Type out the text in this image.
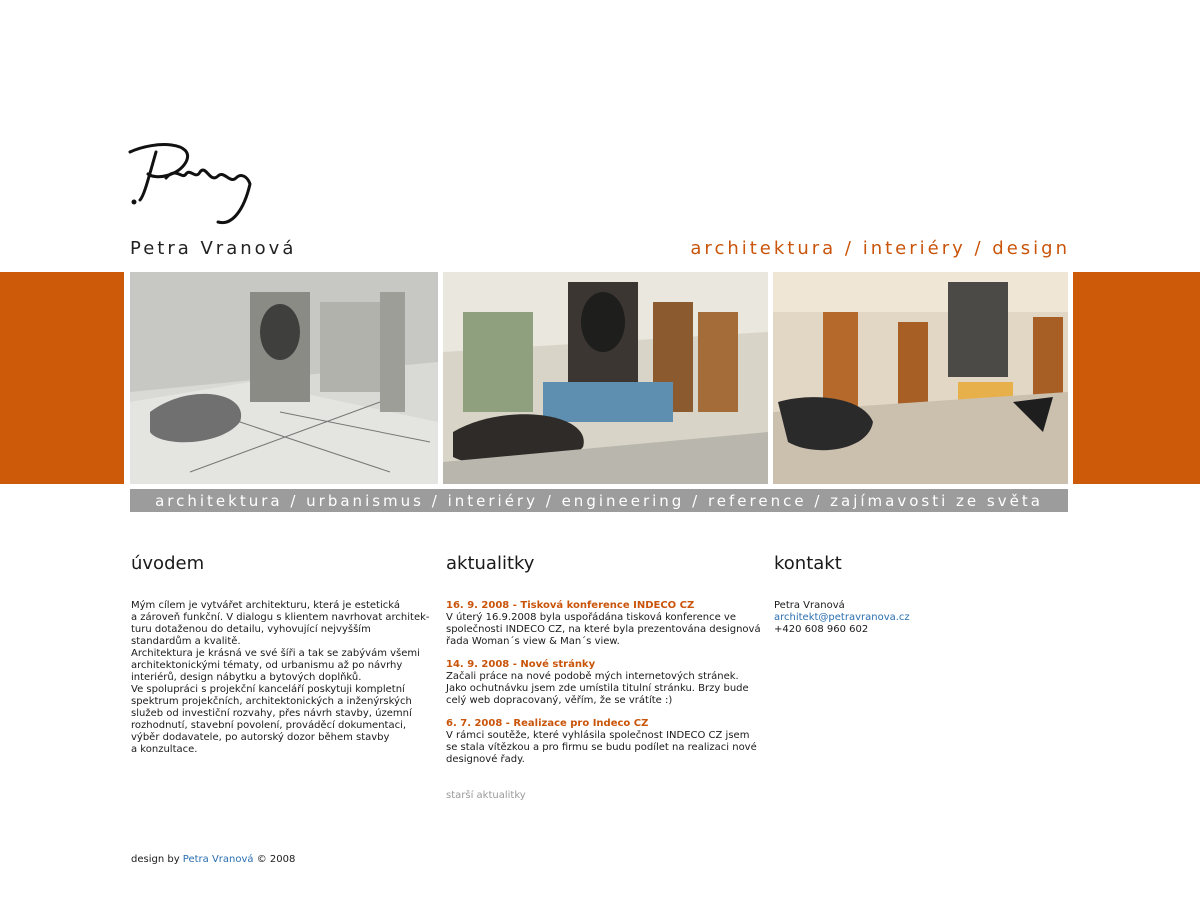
Petra Vranová	architektura / interiéry / design
architektura / urbanismus / interiéry / engineering / reference / zajímavosti ze světa
úvodem

Mým cílem je vytvářet architekturu, která je estetická

a zároveň funkční. V dialogu s klientem navrhovat architek-

turu dotaženou do detailu, vyhovující nejvyšším

standardům a kvalitě.

Architektura je krásná ve své šíři a tak se zabývám všemi

architektonickými tématy, od urbanismu až po návrhy

interiérů, design nábytku a bytových doplňků.

Ve spolupráci s projekční kanceláří poskytuji kompletní

spektrum projekčních, architektonických a inženýrských

služeb od investiční rozvahy, přes návrh stavby, územní

rozhodnutí, stavební povolení, prováděcí dokumentaci,

výběr dodavatele, po autorský dozor během stavby

a konzultace.

aktualitky
16. 9. 2008 - Tisková konference INDECO CZ
V úterý 16.9.2008 byla uspořádána tisková konference ve společnosti INDECO CZ, na které byla prezentována designová řada Woman´s view & Man´s view.
14. 9. 2008 - Nové stránky
Začali práce na nové podobě mých internetových stránek. Jako ochutnávku jsem zde umístila titulní stránku. Brzy bude celý web dopracovaný, věřím, že se vrátíte :)
6. 7. 2008 - Realizace pro Indeco CZ
V rámci soutěže, které vyhlásila společnost INDECO CZ jsem se stala vítězkou a pro firmu se budu podílet na realizaci nové designové řady.
starší aktualitky
kontakt
Petra Vranová
architekt@petravranova.cz
+420 608 960 602
design by Petra Vranová © 2008
